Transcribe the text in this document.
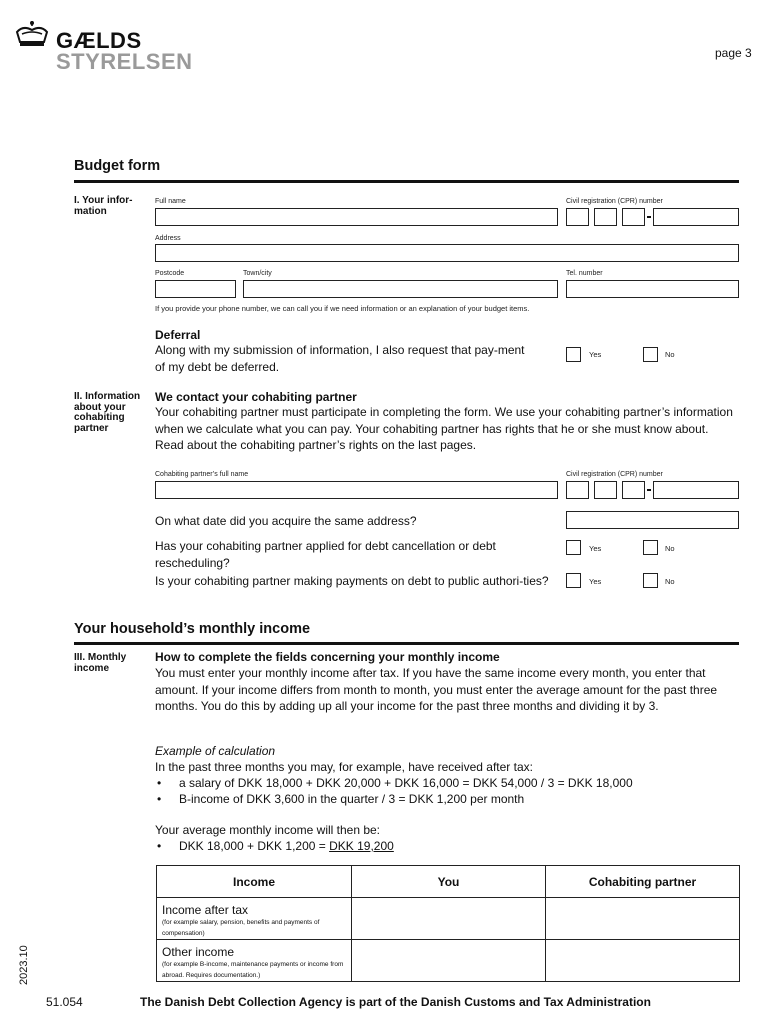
GÆLDS
STYRELSEN	page 3
Budget form
I. Your infor-mation
Full name	Civil registration (CPR) number
Address
Postcode	Town/city	Tel. number
If you provide your phone number, we can call you if we need information or an explanation of your budget items.
Deferral
Along with my submission of information, I also request that pay-ment of my debt be deferred.
Yes	No
II. Information about your cohabiting partner
We contact your cohabiting partner
Your cohabiting partner must participate in completing the form. We use your cohabiting partner’s information when we calculate what you can pay. Your cohabiting partner has rights that he or she must know about. Read about the cohabiting partner’s rights on the last pages.
Cohabiting partner’s full name	Civil registration (CPR) number
On what date did you acquire the same address?
Has your cohabiting partner applied for debt cancellation or debt rescheduling?
Yes	No
Is your cohabiting partner making payments on debt to public authori-ties?	Yes	No
Your household’s monthly income
III. Monthly income
How to complete the fields concerning your monthly income
You must enter your monthly income after tax. If you have the same income every month, you enter that amount. If your income differs from month to month, you must enter the average amount for the past three months. You do this by adding up all your income for the past three months and dividing it by 3.
Example of calculation
In the past three months you may, for example, have received after tax:
• a salary of DKK 18,000 + DKK 20,000 + DKK 16,000 = DKK 54,000 / 3 = DKK 18,000
• B-income of DKK 3,600 in the quarter / 3 = DKK 1,200 per month
Your average monthly income will then be:
• DKK 18,000 + DKK 1,200 = DKK 19,200
Income	You	Cohabiting partner

Income after tax
(for example salary, pension, benefits and payments of compensation)		

Other income
(for example B-income, maintenance payments or income from abroad. Requires documentation.)		

2023.10
51.054	The Danish Debt Collection Agency is part of the Danish Customs and Tax Administration
